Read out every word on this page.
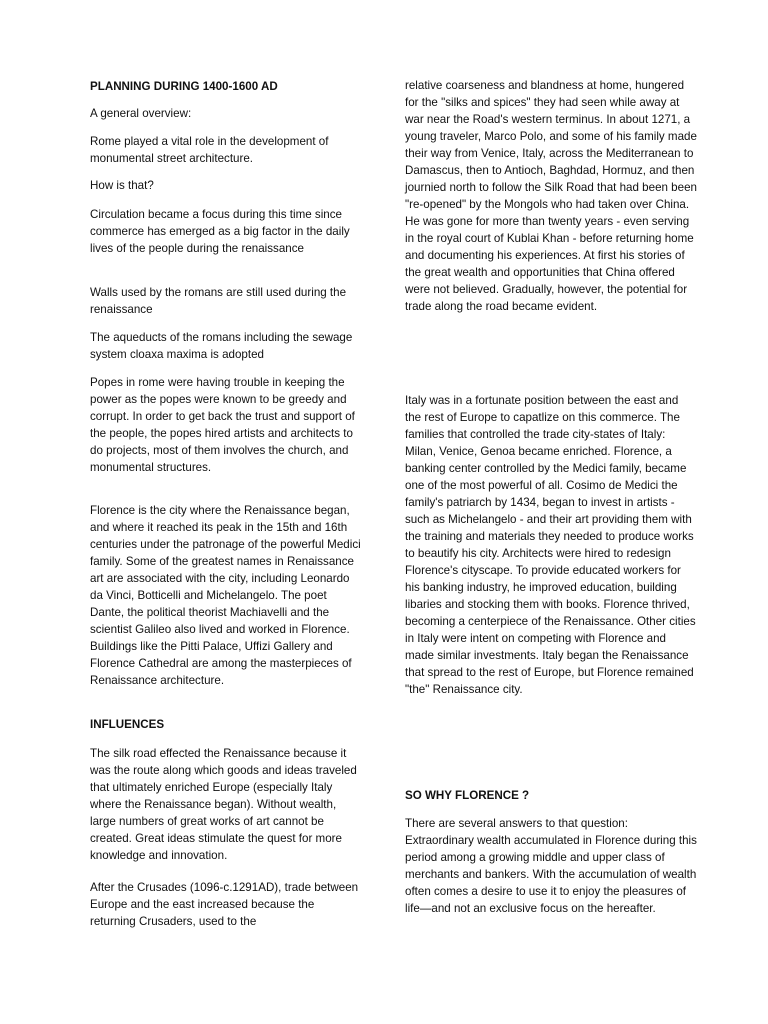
PLANNING DURING 1400-1600 AD

A general overview:

Rome played a vital role in the development of monumental street architecture.

How is that?

Circulation became a focus during this time since commerce has emerged as a big factor in the daily lives of the people during the renaissance

Walls used by the romans are still used during the renaissance

The aqueducts of the romans including the sewage system cloaxa maxima is adopted

Popes in rome were having trouble in keeping the power as the popes were known to be greedy and corrupt. In order to get back the trust and support of the people, the popes hired artists and architects to do projects, most of them involves the church, and monumental structures.

Florence is the city where the Renaissance began, and where it reached its peak in the 15th and 16th centuries under the patronage of the powerful Medici family. Some of the greatest names in Renaissance art are associated with the city, including Leonardo da Vinci, Botticelli and Michelangelo. The poet Dante, the political theorist Machiavelli and the scientist Galileo also lived and worked in Florence. Buildings like the Pitti Palace, Uffizi Gallery and Florence Cathedral are among the masterpieces of Renaissance architecture.

INFLUENCES

The silk road effected the Renaissance because it was the route along which goods and ideas traveled that ultimately enriched Europe (especially Italy where the Renaissance began). Without wealth, large numbers of great works of art cannot be created. Great ideas stimulate the quest for more knowledge and innovation.

After the Crusades (1096-c.1291AD), trade between Europe and the east increased because the returning Crusaders, used to the

relative coarseness and blandness at home, hungered for the "silks and spices" they had seen while away at war near the Road's western terminus. In about 1271, a young traveler, Marco Polo, and some of his family made their way from Venice, Italy, across the Mediterranean to Damascus, then to Antioch, Baghdad, Hormuz, and then journied north to follow the Silk Road that had been been "re-opened" by the Mongols who had taken over China. He was gone for more than twenty years - even serving in the royal court of Kublai Khan - before returning home and documenting his experiences. At first his stories of the great wealth and opportunities that China offered were not believed. Gradually, however, the potential for trade along the road became evident.

Italy was in a fortunate position between the east and the rest of Europe to capatlize on this commerce. The families that controlled the trade city-states of Italy: Milan, Venice, Genoa became enriched. Florence, a banking center controlled by the Medici family, became one of the most powerful of all. Cosimo de Medici the family's patriarch by 1434, began to invest in artists - such as Michelangelo - and their art providing them with the training and materials they needed to produce works to beautify his city. Architects were hired to redesign Florence's cityscape. To provide educated workers for his banking industry, he improved education, building libaries and stocking them with books. Florence thrived, becoming a centerpiece of the Renaissance. Other cities in Italy were intent on competing with Florence and made similar investments. Italy began the Renaissance that spread to the rest of Europe, but Florence remained "the" Renaissance city.

SO WHY FLORENCE ?

There are several answers to that question: Extraordinary wealth accumulated in Florence during this period among a growing middle and upper class of merchants and bankers. With the accumulation of wealth often comes a desire to use it to enjoy the pleasures of life—and not an exclusive focus on the hereafter.
